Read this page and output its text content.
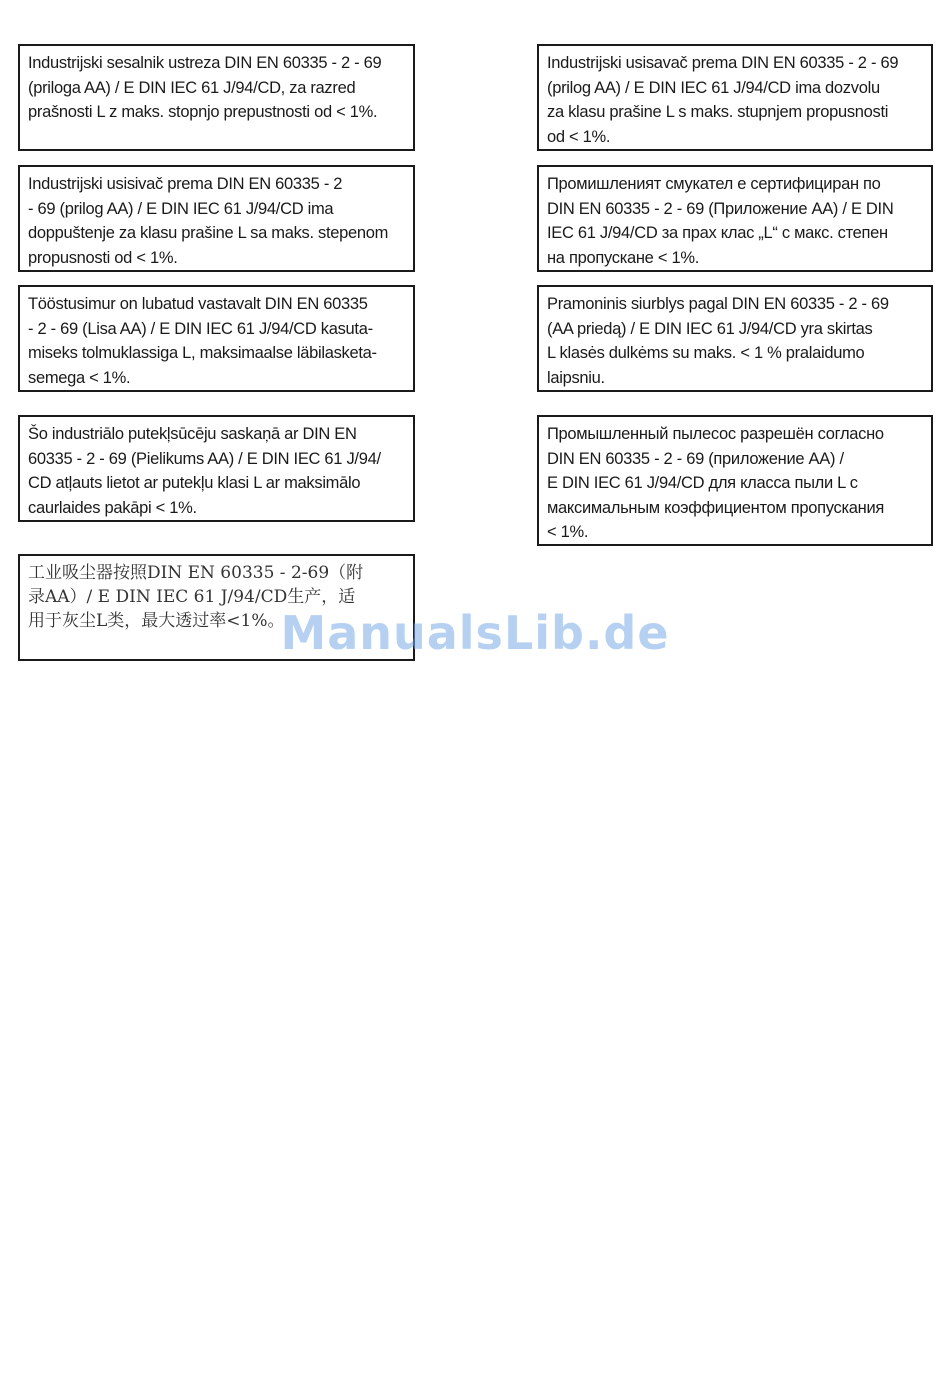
Industrijski sesalnik ustreza DIN EN 60335 - 2 - 69
(priloga AA) / E DIN IEC 61 J/94/CD, za razred
prašnosti L z maks. stopnjo prepustnosti od < 1%.
Industrijski usisivač prema DIN EN 60335 - 2
- 69 (prilog AA) / E DIN IEC 61 J/94/CD ima
doppuštenje za klasu prašine L sa maks. stepenom
propusnosti od < 1%.
Tööstusimur on lubatud vastavalt DIN EN 60335
- 2 - 69 (Lisa AA) / E DIN IEC 61 J/94/CD kasuta-
miseks tolmuklassiga L, maksimaalse läbilasketa-
semega < 1%.
Šo industriālo putekļsūcēju saskaņā ar DIN EN
60335 - 2 - 69 (Pielikums AA) / E DIN IEC 61 J/94/
CD atļauts lietot ar putekļu klasi L ar maksimālo
caurlaides pakāpi < 1%.
工业吸尘器按照DIN EN 60335 - 2-69（附
录AA）/ E DIN IEC 61 J/94/CD生产，适
用于灰尘L类，最大透过率<1%。
Industrijski usisavač prema DIN EN 60335 - 2 - 69
(prilog AA) / E DIN IEC 61 J/94/CD ima dozvolu
za klasu prašine L s maks. stupnjem propusnosti
od < 1%.
Промишленият смукател е сертифициран по
DIN EN 60335 - 2 - 69 (Приложение AA) / E DIN
IEC 61 J/94/CD за прах клас „L“ с макс. степен
на пропускане < 1%.
Pramoninis siurblys pagal DIN EN 60335 - 2 - 69
(AA priedą) / E DIN IEC 61 J/94/CD yra skirtas
L klasės dulkėms su maks. < 1 % pralaidumo
laipsniu.
Промышленный пылесос разрешён согласно
DIN EN 60335 - 2 - 69 (приложение AA) /
E DIN IEC 61 J/94/CD для класса пыли L с
максимальным коэффициентом пропускания
< 1%.
ManualsLib.de
